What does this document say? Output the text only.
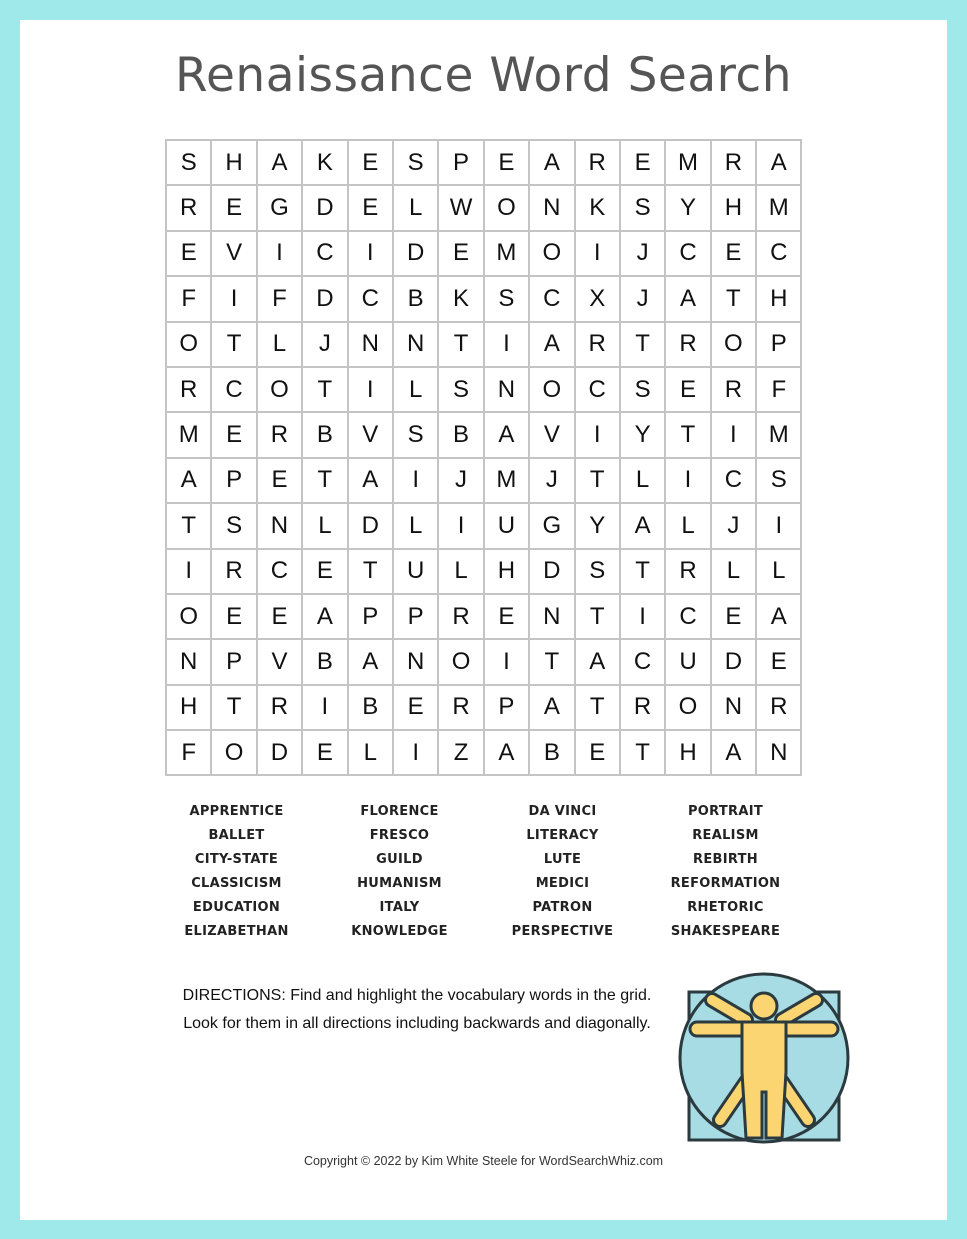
Renaissance Word Search
S	H	A	K	E	S	P	E	A	R	E	M	R	A
R	E	G	D	E	L	W	O	N	K	S	Y	H	M
E	V	I	C	I	D	E	M	O	I	J	C	E	C
F	I	F	D	C	B	K	S	C	X	J	A	T	H
O	T	L	J	N	N	T	I	A	R	T	R	O	P
R	C	O	T	I	L	S	N	O	C	S	E	R	F
M	E	R	B	V	S	B	A	V	I	Y	T	I	M
A	P	E	T	A	I	J	M	J	T	L	I	C	S
T	S	N	L	D	L	I	U	G	Y	A	L	J	I
I	R	C	E	T	U	L	H	D	S	T	R	L	L
O	E	E	A	P	P	R	E	N	T	I	C	E	A
N	P	V	B	A	N	O	I	T	A	C	U	D	E
H	T	R	I	B	E	R	P	A	T	R	O	N	R
F	O	D	E	L	I	Z	A	B	E	T	H	A	N
APPRENTICE
BALLET
CITY-STATE
CLASSICISM
EDUCATION
ELIZABETHAN
FLORENCE
FRESCO
GUILD
HUMANISM
ITALY
KNOWLEDGE
DA VINCI
LITERACY
LUTE
MEDICI
PATRON
PERSPECTIVE
PORTRAIT
REALISM
REBIRTH
REFORMATION
RHETORIC
SHAKESPEARE
DIRECTIONS: Find and highlight the vocabulary words in the grid. Look for them in all directions including backwards and diagonally.
Copyright © 2022 by Kim White Steele for WordSearchWhiz.com
